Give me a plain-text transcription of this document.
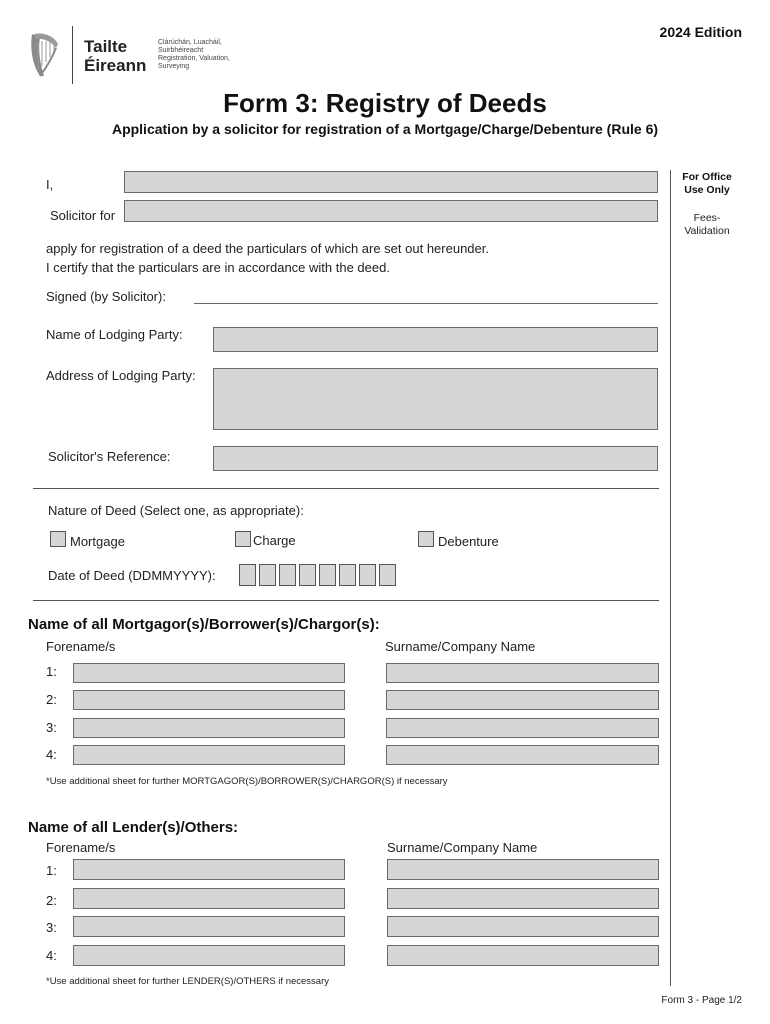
Tailte
Éireann
Clárúchán, Luacháil,
Suirbhéireacht
Registration, Valuation,
Surveying
2024 Edition
Form 3: Registry of Deeds
Application by a solicitor for registration of a Mortgage/Charge/Debenture (Rule 6)
For Office
Use Only
Fees-
Validation
I,
Solicitor for
apply for registration of a deed the particulars of which are set out hereunder.
I certify that the particulars are in accordance with the deed.
Signed (by Solicitor):
Name of Lodging Party:
Address of Lodging Party:
Solicitor's Reference:
Nature of Deed (Select one, as appropriate):
Mortgage	Charge	Debenture
Date of Deed (DDMMYYYY):
Name of all Mortgagor(s)/Borrower(s)/Chargor(s):
Forename/s	Surname/Company Name
1:
2:
3:
4:
*Use additional sheet for further MORTGAGOR(S)/BORROWER(S)/CHARGOR(S) if necessary
Name of all Lender(s)/Others:
Forename/s	Surname/Company Name
1:
2:
3:
4:
*Use additional sheet for further LENDER(S)/OTHERS if necessary
Form 3 - Page 1/2
